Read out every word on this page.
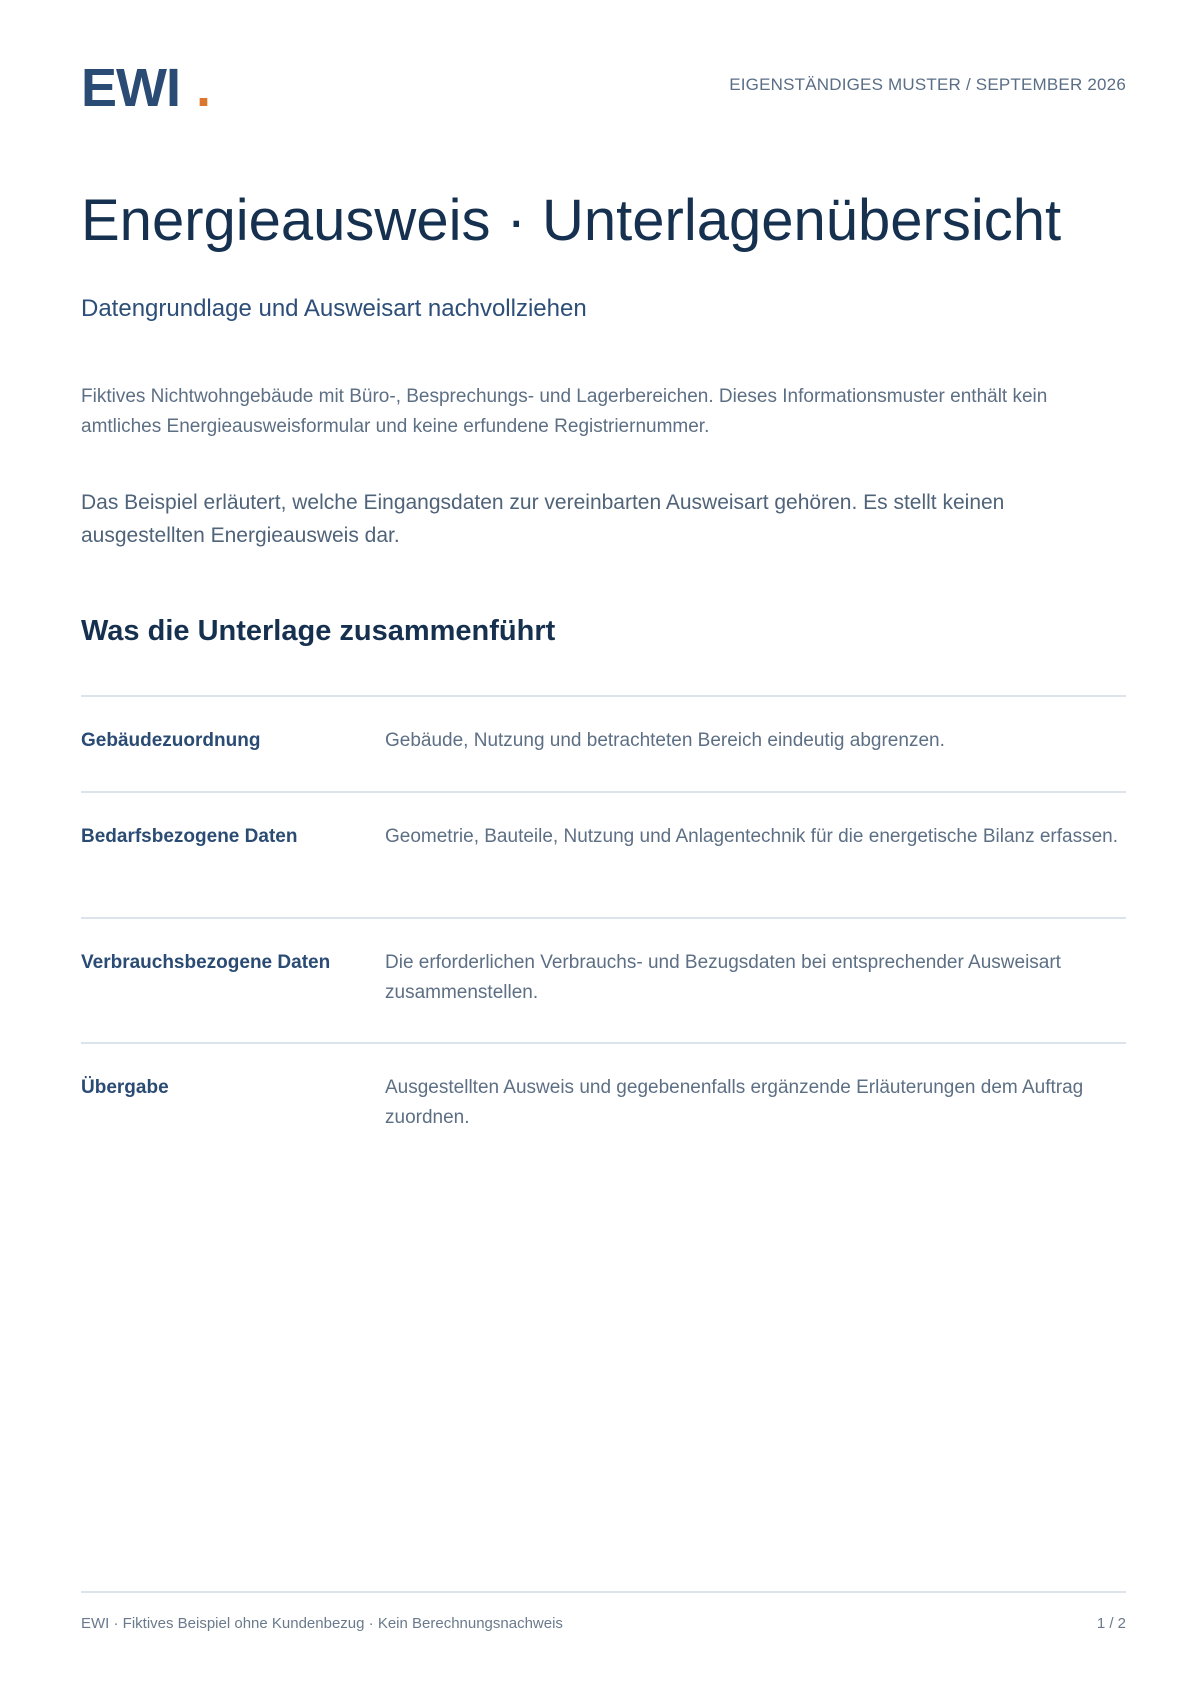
EWI .	EIGENSTÄNDIGES MUSTER / SEPTEMBER 2026
Energieausweis · Unterlagenübersicht
Datengrundlage und Ausweisart nachvollziehen

Fiktives Nichtwohngebäude mit Büro-, Besprechungs- und Lagerbereichen. Dieses Informationsmuster enthält kein amtliches Energieausweisformular und keine erfundene Registriernummer.

Das Beispiel erläutert, welche Eingangsdaten zur vereinbarten Ausweisart gehören. Es stellt keinen ausgestellten Energieausweis dar.

Was die Unterlage zusammenführt
Gebäudezuordnung	Gebäude, Nutzung und betrachteten Bereich eindeutig abgrenzen.
Bedarfsbezogene Daten	Geometrie, Bauteile, Nutzung und Anlagentechnik für die energetische Bilanz erfassen.
Verbrauchsbezogene Daten	Die erforderlichen Verbrauchs- und Bezugsdaten bei entsprechender Ausweisart zusammenstellen.
Übergabe	Ausgestellten Ausweis und gegebenenfalls ergänzende Erläuterungen dem Auftrag zuordnen.
EWI · Fiktives Beispiel ohne Kundenbezug · Kein Berechnungsnachweis	1 / 2
